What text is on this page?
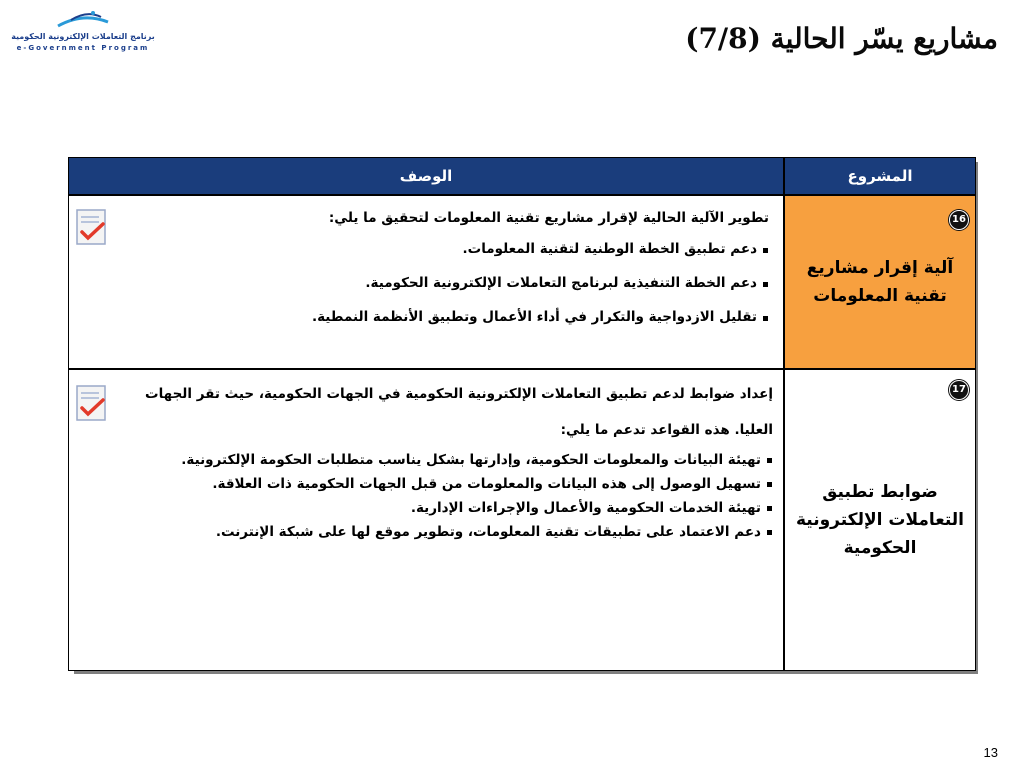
برنامج التعاملات الإلكترونية الحكومية
e-Government Program	مشاريع يسّر الحالية (7/8)
الوصف	المشروع
تطوير الآلية الحالية لإقرار مشاريع تقنية المعلومات لتحقيق ما يلي:
دعم تطبيق الخطة الوطنية لتقنية المعلومات.
دعم الخطة التنفيذية لبرنامج التعاملات الإلكترونية الحكومية.
تقليل الازدواجية والتكرار في أداء الأعمال وتطبيق الأنظمة النمطية.
16
آلية إقرار مشاريع تقنية المعلومات
إعداد ضوابط لدعم تطبيق التعاملات الإلكترونية الحكومية في الجهات الحكومية، حيث تقر الجهات العليا. هذه القواعد تدعم ما يلي:
تهيئة البيانات والمعلومات الحكومية، وإدارتها بشكل يناسب متطلبات الحكومة الإلكترونية.
تسهيل الوصول إلى هذه البيانات والمعلومات من قبل الجهات الحكومية ذات العلاقة.
تهيئة الخدمات الحكومية والأعمال والإجراءات الإدارية.
دعم الاعتماد على تطبيقات تقنية المعلومات، وتطوير موقع لها على شبكة الإنترنت.
17
ضوابط تطبيق التعاملات الإلكترونية الحكومية
13
